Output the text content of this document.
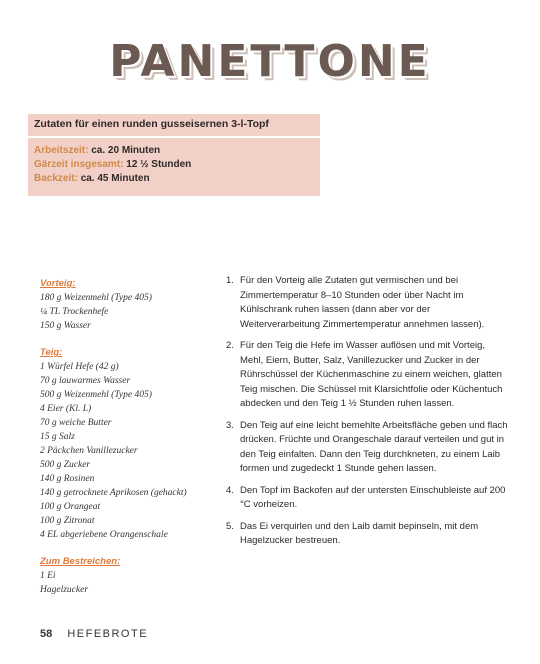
PANETTONE
Zutaten für einen runden gusseisernen 3-l-Topf
Arbeitszeit: ca. 20 Minuten
Gärzeit insgesamt: 12 ½ Stunden
Backzeit: ca. 45 Minuten
Vorteig:
180 g Weizenmehl (Type 405)
¼ TL Trockenhefe
150 g Wasser
Teig:
1 Würfel Hefe (42 g)
70 g lauwarmes Wasser
500 g Weizenmehl (Type 405)
4 Eier (Kl. L)
70 g weiche Butter
15 g Salz
2 Päckchen Vanillezucker
500 g Zucker
140 g Rosinen
140 g getrocknete Aprikosen (gehackt)
100 g Orangeat
100 g Zitronat
4 EL abgeriebene Orangenschale
Zum Bestreichen:
1 Ei
Hagelzucker
1. Für den Vorteig alle Zutaten gut vermischen und bei Zimmertemperatur 8–10 Stunden oder über Nacht im Kühlschrank ruhen lassen (dann aber vor der Weiterverarbeitung Zimmertemperatur annehmen lassen).
2. Für den Teig die Hefe im Wasser auflösen und mit Vorteig, Mehl, Eiern, Butter, Salz, Vanillezucker und Zucker in der Rührschüssel der Küchenmaschine zu einem weichen, glatten Teig mischen. Die Schüssel mit Klarsichtfolie oder Küchentuch abdecken und den Teig 1 ½ Stunden ruhen lassen.
3. Den Teig auf eine leicht bemehlte Arbeitsfläche geben und flach drücken. Früchte und Orangeschale darauf verteilen und gut in den Teig einfalten. Dann den Teig durchkneten, zu einem Laib formen und zugedeckt 1 Stunde gehen lassen.
4. Den Topf im Backofen auf der untersten Einschubleiste auf 200 °C vorheizen.
5. Das Ei verquirlen und den Laib damit bepinseln, mit dem Hagelzucker bestreuen.
58 HEFEBROTE
